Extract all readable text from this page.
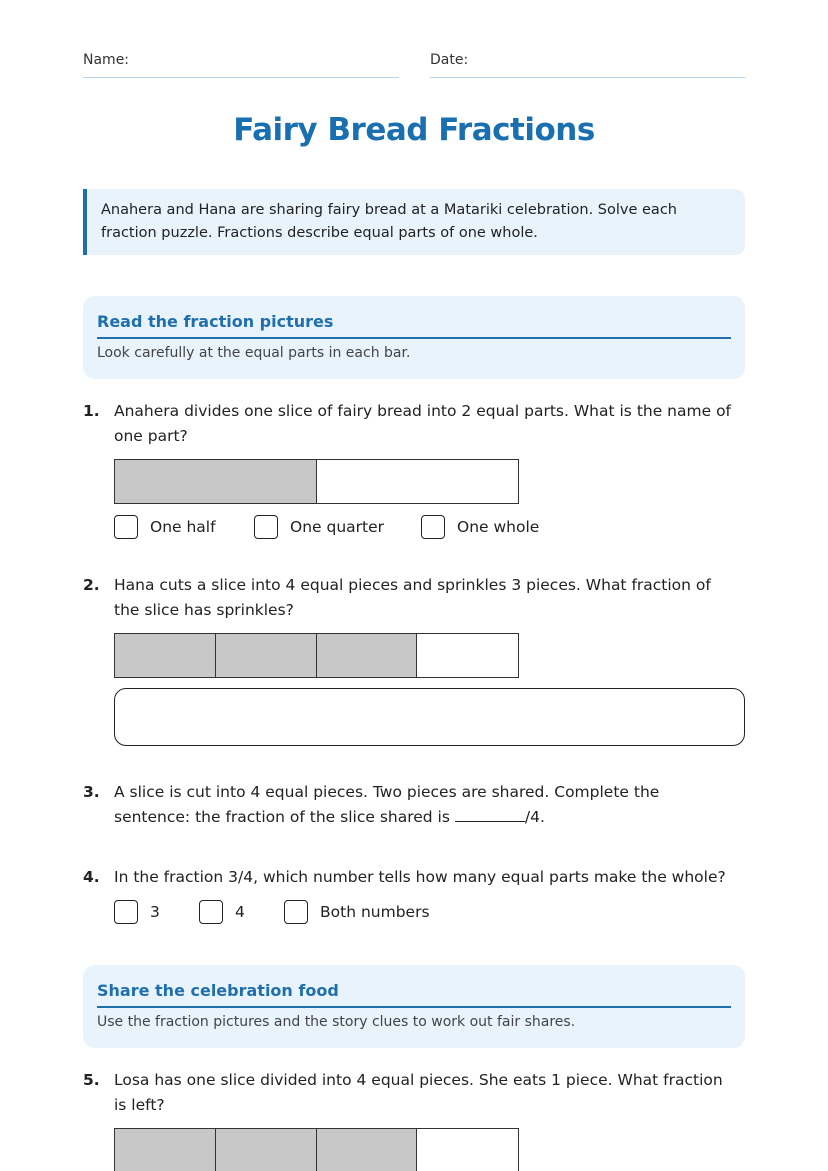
Name:	Date:
Fairy Bread Fractions
Anahera and Hana are sharing fairy bread at a Matariki celebration. Solve each fraction puzzle. Fractions describe equal parts of one whole.
Read the fraction pictures
Look carefully at the equal parts in each bar.
1. Anahera divides one slice of fairy bread into 2 equal parts. What is the name of one part?
One half	One quarter	One whole
2. Hana cuts a slice into 4 equal pieces and sprinkles 3 pieces. What fraction of the slice has sprinkles?
3. A slice is cut into 4 equal pieces. Two pieces are shared. Complete the sentence: the fraction of the slice shared is	/4.
4. In the fraction 3/4, which number tells how many equal parts make the whole?
3	4	Both numbers
Share the celebration food
Use the fraction pictures and the story clues to work out fair shares.
5. Losa has one slice divided into 4 equal pieces. She eats 1 piece. What fraction is left?
